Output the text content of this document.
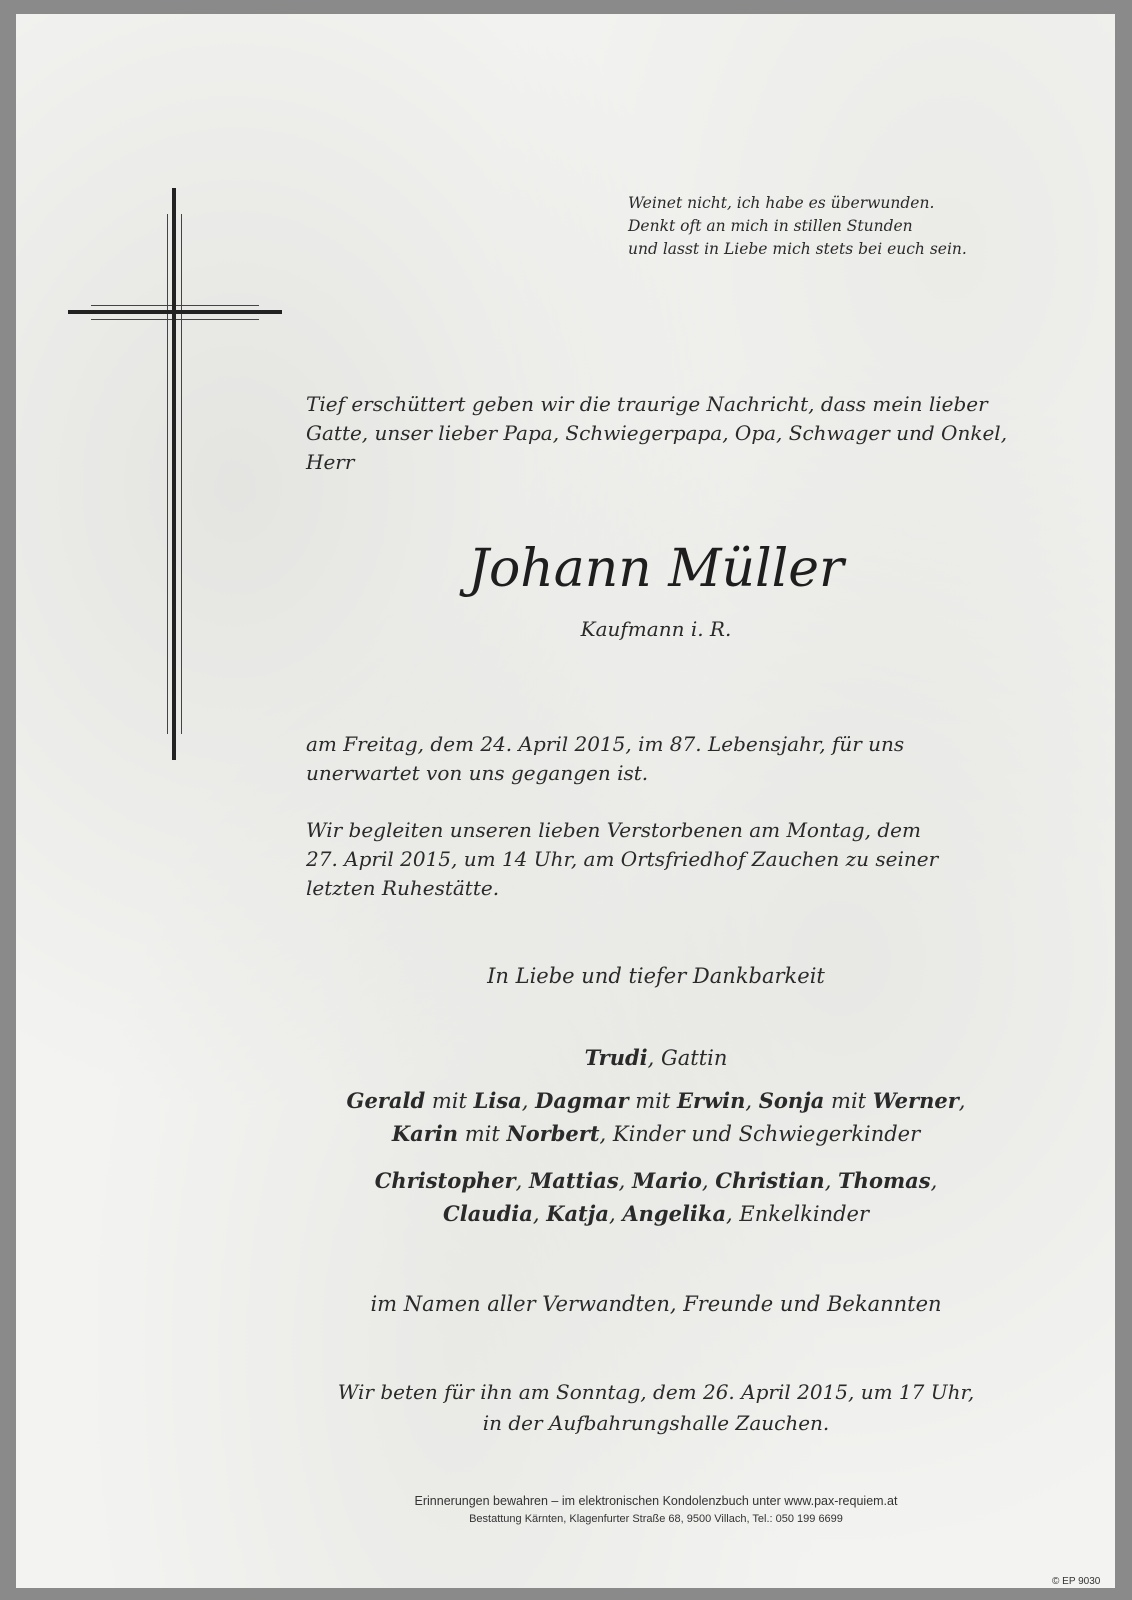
Weinet nicht, ich habe es überwunden.
Denkt oft an mich in stillen Stunden
und lasst in Liebe mich stets bei euch sein.
Tief erschüttert geben wir die traurige Nachricht, dass mein lieber
Gatte, unser lieber Papa, Schwiegerpapa, Opa, Schwager und Onkel,
Herr
Johann Müller
Kaufmann i. R.
am Freitag, dem 24. April 2015, im 87. Lebensjahr, für uns
unerwartet von uns gegangen ist.
Wir begleiten unseren lieben Verstorbenen am Montag, dem
27. April 2015, um 14 Uhr, am Ortsfriedhof Zauchen zu seiner
letzten Ruhestätte.
In Liebe und tiefer Dankbarkeit
Trudi, Gattin
Gerald mit Lisa, Dagmar mit Erwin, Sonja mit Werner,
Karin mit Norbert, Kinder und Schwiegerkinder
Christopher, Mattias, Mario, Christian, Thomas,
Claudia, Katja, Angelika, Enkelkinder
im Namen aller Verwandten, Freunde und Bekannten
Wir beten für ihn am Sonntag, dem 26. April 2015, um 17 Uhr,
in der Aufbahrungshalle Zauchen.
Erinnerungen bewahren – im elektronischen Kondolenzbuch unter www.pax-requiem.at
Bestattung Kärnten, Klagenfurter Straße 68, 9500 Villach, Tel.: 050 199 6699
© EP 9030
